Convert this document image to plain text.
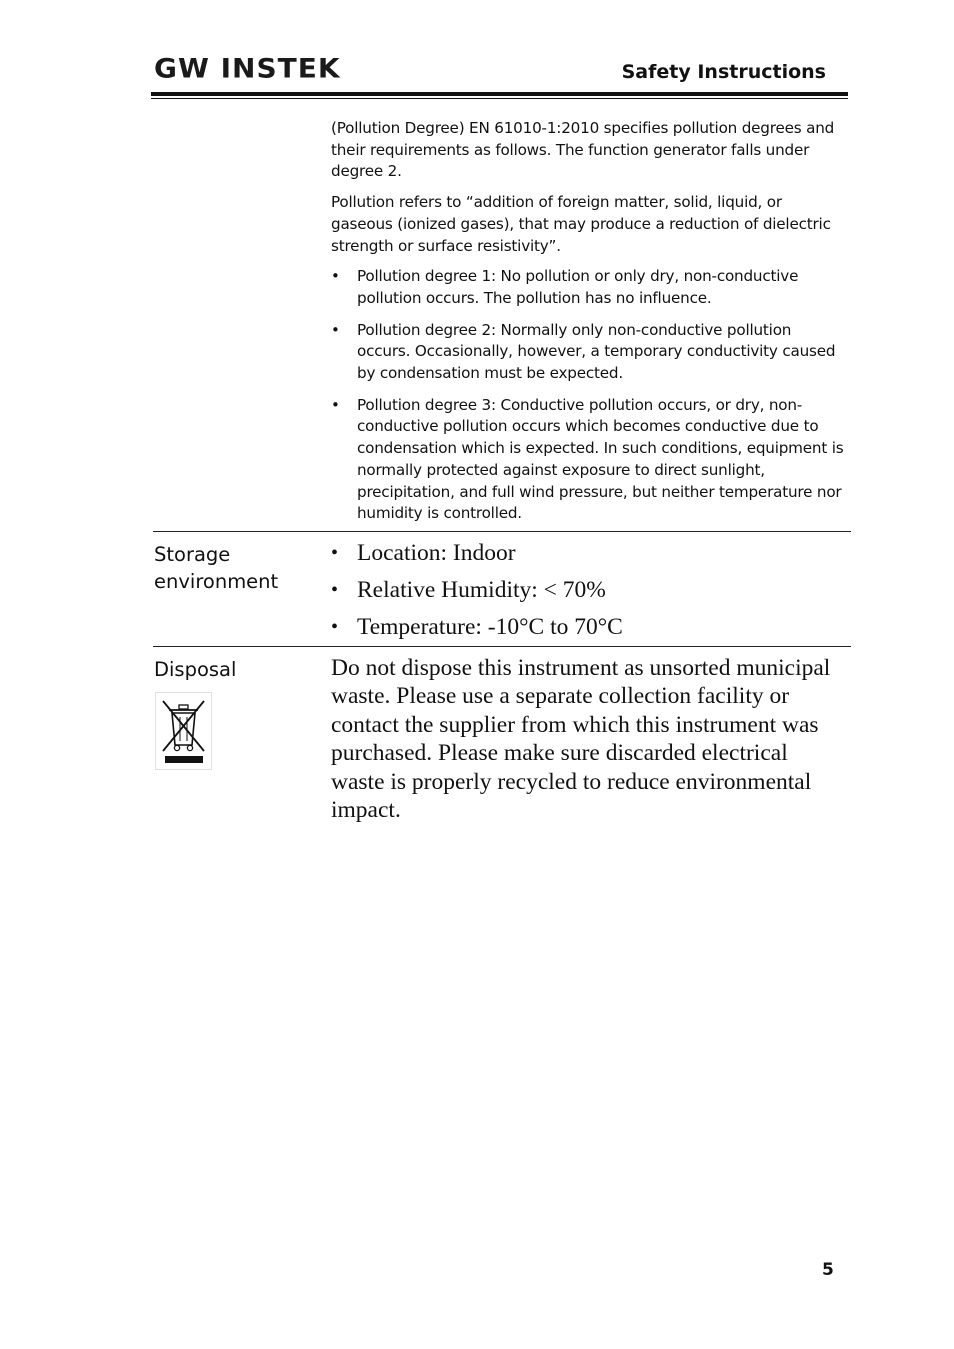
GW INSTEK	Safety Instructions

(Pollution Degree) EN 61010-1:2010 specifies pollution degrees and their requirements as follows. The function generator falls under degree 2.

Pollution refers to “addition of foreign matter, solid, liquid, or gaseous (ionized gases), that may produce a reduction of dielectric strength or surface resistivity”.

• Pollution degree 1: No pollution or only dry, non-conductive pollution occurs. The pollution has no influence.
• Pollution degree 2: Normally only non-conductive pollution occurs. Occasionally, however, a temporary conductivity caused by condensation must be expected.
• Pollution degree 3: Conductive pollution occurs, or dry, non-conductive pollution occurs which becomes conductive due to condensation which is expected. In such conditions, equipment is normally protected against exposure to direct sunlight, precipitation, and full wind pressure, but neither temperature nor humidity is controlled.
Storage environment
• Location: Indoor
• Relative Humidity: < 70%
• Temperature: -10°C to 70°C
Disposal	Do not dispose this instrument as unsorted municipal waste. Please use a separate collection facility or contact the supplier from which this instrument was purchased. Please make sure discarded electrical waste is properly recycled to reduce environmental impact.

5
